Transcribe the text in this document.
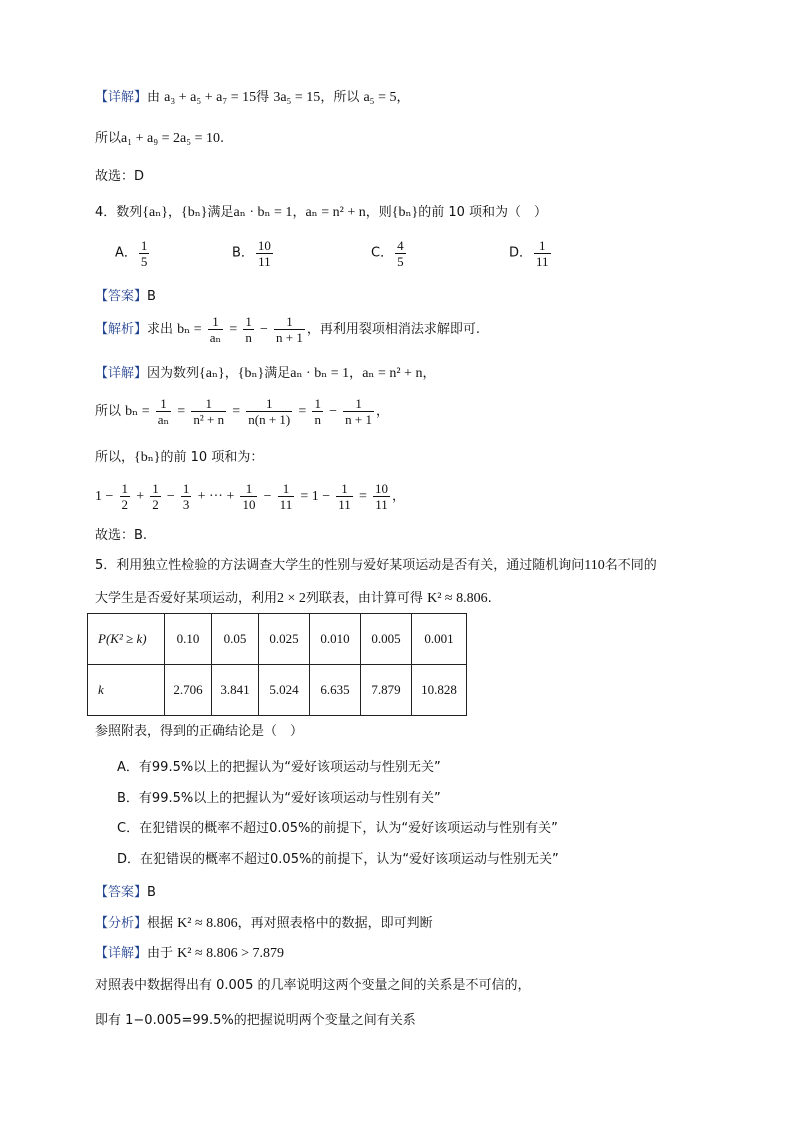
【详解】由 a₃ + a₅ + a₇ = 15得 3a₅ = 15，所以 a₅ = 5，
所以a₁ + a₉ = 2a₅ = 10.
故选：D
4．数列{aₙ}，{bₙ}满足aₙ · bₙ = 1，aₙ = n² + n，则{bₙ}的前 10 项和为（　）
A． $\frac{1}{5}$	B． $\frac{10}{11}$	C． $\frac{4}{5}$	D． $\frac{1}{11}$
【答案】B
【解析】求出 $b_n = \frac{1}{\text{aₙ}} = \frac{1}{n} - \frac{1}{n + 1}$ ，再利用裂项相消法求解即可.
【详解】因为数列{aₙ}，{bₙ}满足aₙ · bₙ = 1，aₙ = n² + n，
所以 $b_n = \frac{1}{\text{aₙ}} = \frac{1}{\text{n² + n}} = \frac{1}{n(n + 1)} = \frac{1}{n} - \frac{1}{n + 1}$ ，
所以，{bₙ}的前 10 项和为：
$1 - \frac{1}{2} + \frac{1}{2} - \frac{1}{3}$ + ··· + $\frac{1}{10} - \frac{1}{11} = 1 - \frac{1}{11} = \frac{10}{11}$ ，
故选：B.
5．利用独立性检验的方法调查大学生的性别与爱好某项运动是否有关，通过随机询问110名不同的
大学生是否爱好某项运动，利用2 × 2列联表，由计算可得 K² ≈ 8.806.
P(K² ≥ k)	0.10	0.05	0.025	0.010	0.005	0.001
k	2.706	3.841	5.024	6.635	7.879	10.828
参照附表，得到的正确结论是（　）
A．有99.5%以上的把握认为“爱好该项运动与性别无关”
B．有99.5%以上的把握认为“爱好该项运动与性别有关”
C．在犯错误的概率不超过0.05%的前提下，认为“爱好该项运动与性别有关”
D．在犯错误的概率不超过0.05%的前提下，认为“爱好该项运动与性别无关”
【答案】B
【分析】根据 K² ≈ 8.806，再对照表格中的数据，即可判断
【详解】由于 K² ≈ 8.806 > 7.879
对照表中数据得出有 0.005 的几率说明这两个变量之间的关系是不可信的，
即有 1−0.005=99.5%的把握说明两个变量之间有关系
